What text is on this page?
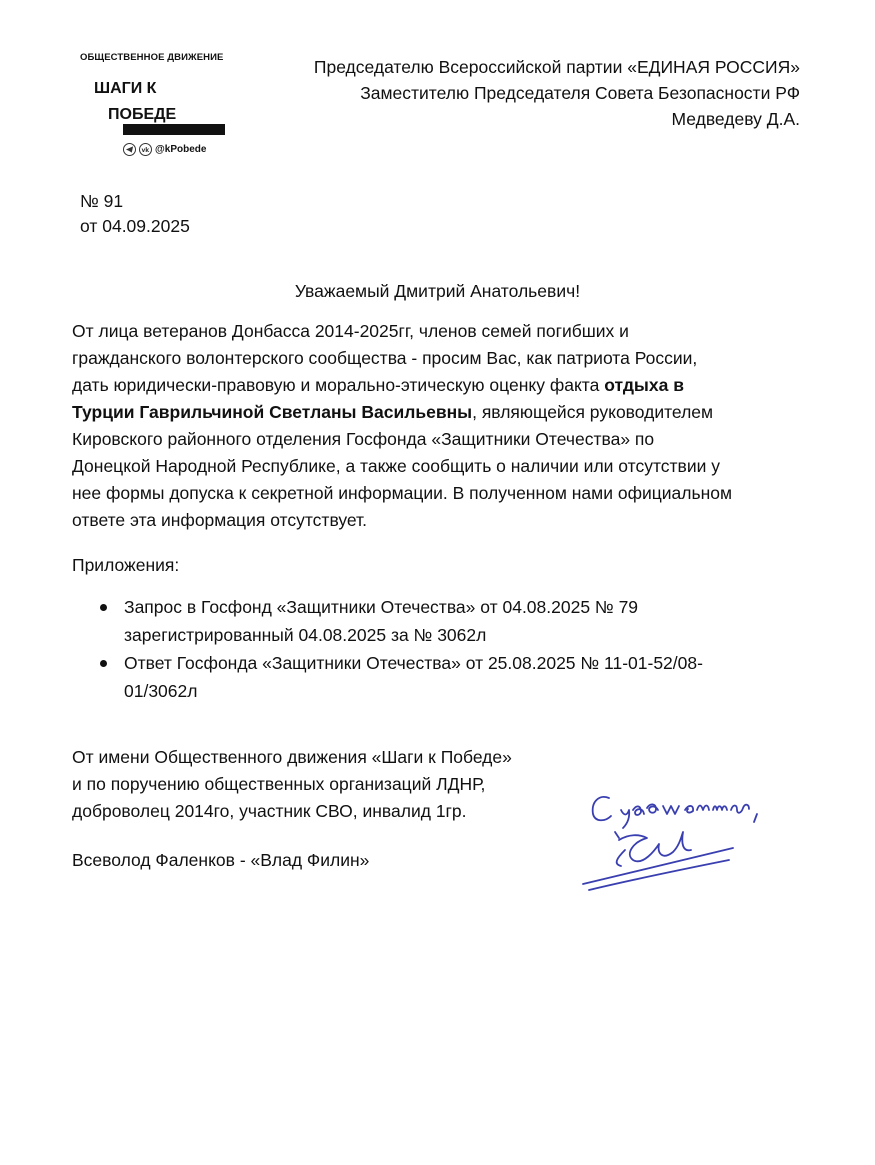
ОБЩЕСТВЕННОЕ ДВИЖЕНИЕ
ШАГИ К
ПОБЕДЕ
vk @kPobede
Председателю Всероссийской партии «ЕДИНАЯ РОССИЯ»
Заместителю Председателя Совета Безопасности РФ
Медведеву Д.А.
№ 91
от 04.09.2025
Уважаемый Дмитрий Анатольевич!

От лица ветеранов Донбасса 2014-2025гг, членов семей погибших и

гражданского волонтерского сообщества - просим Вас, как патриота России,

дать юридически-правовую и морально-этическую оценку факта отдыха в

Турции Гаврильчиной Светланы Васильевны, являющейся руководителем

Кировского районного отделения Госфонда «Защитники Отечества» по

Донецкой Народной Республике, а также сообщить о наличии или отсутствии у

нее формы допуска к секретной информации. В полученном нами официальном

ответе эта информация отсутствует.

Приложения:
Запрос в Госфонд «Защитники Отечества» от 04.08.2025 № 79
зарегистрированный 04.08.2025 за № 3062л
Ответ Госфонда «Защитники Отечества» от 25.08.2025 № 11-01-52/08-
01/3062л
От имени Общественного движения «Шаги к Победе»
и по поручению общественных организаций ЛДНР,
доброволец 2014го, участник СВО, инвалид 1гр.
Всеволод Фаленков - «Влад Филин»
